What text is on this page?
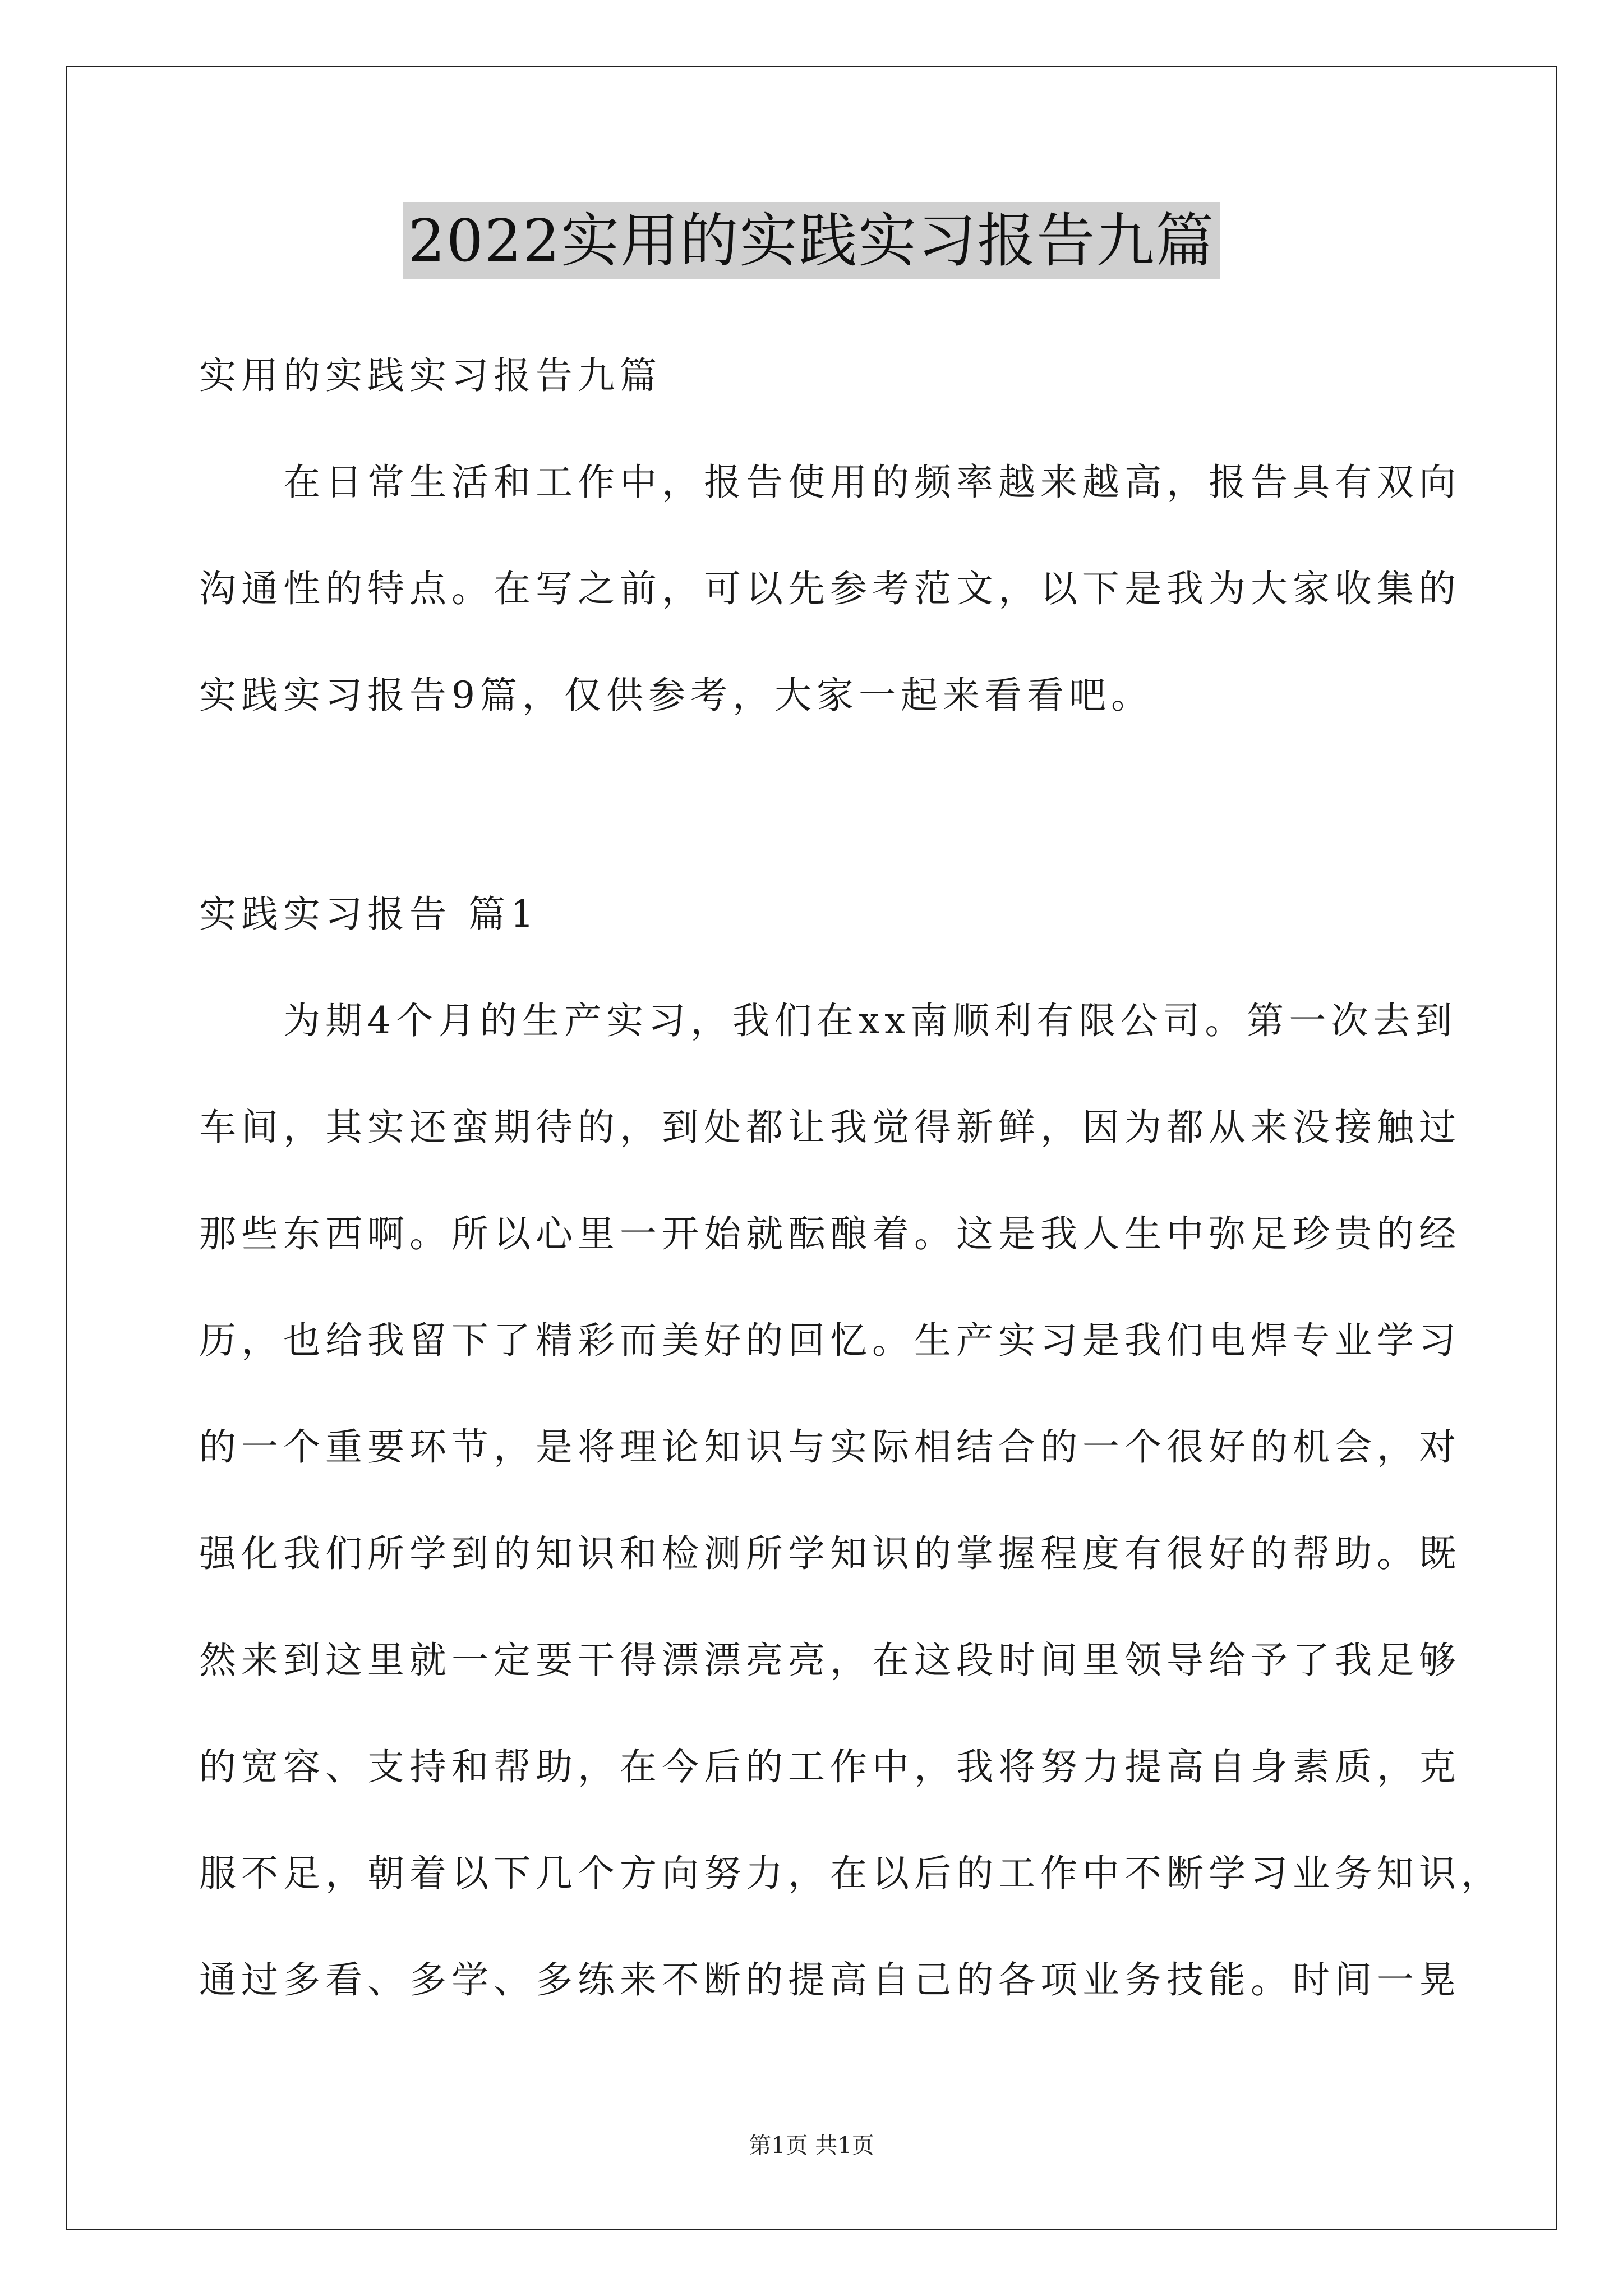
2022实用的实践实习报告九篇
实用的实践实习报告九篇
在日常生活和工作中，报告使用的频率越来越高，报告具有双向
沟通性的特点。在写之前，可以先参考范文，以下是我为大家收集的
实践实习报告9篇，仅供参考，大家一起来看看吧。
实践实习报告 篇1
为期4个月的生产实习，我们在xx南顺利有限公司。第一次去到
车间，其实还蛮期待的，到处都让我觉得新鲜，因为都从来没接触过
那些东西啊。所以心里一开始就酝酿着。这是我人生中弥足珍贵的经
历，也给我留下了精彩而美好的回忆。生产实习是我们电焊专业学习
的一个重要环节，是将理论知识与实际相结合的一个很好的机会，对
强化我们所学到的知识和检测所学知识的掌握程度有很好的帮助。既
然来到这里就一定要干得漂漂亮亮，在这段时间里领导给予了我足够
的宽容、支持和帮助，在今后的工作中，我将努力提高自身素质，克
服不足，朝着以下几个方向努力，在以后的工作中不断学习业务知识，
通过多看、多学、多练来不断的提高自己的各项业务技能。时间一晃
第1页 共1页
